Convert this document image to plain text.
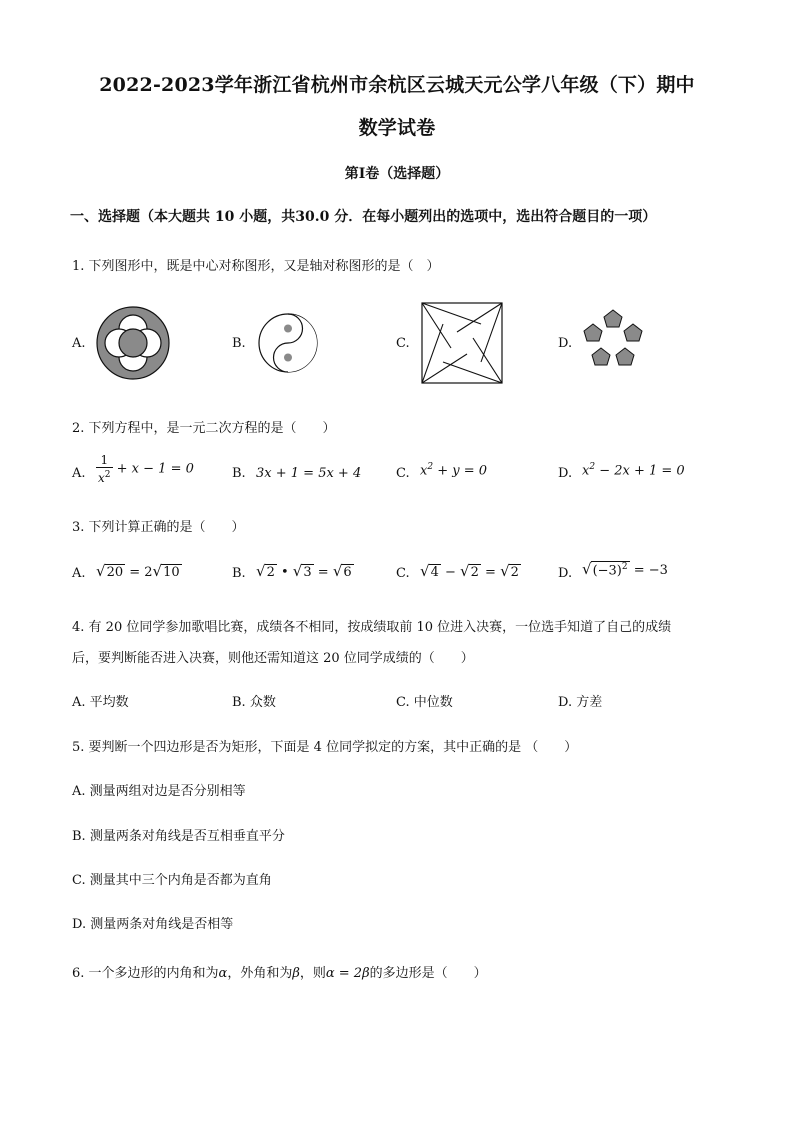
2022-2023学年浙江省杭州市余杭区云城天元公学八年级（下）期中
数学试卷
第I卷（选择题）
一、选择题（本大题共 10 小题，共30.0 分．在每小题列出的选项中，选出符合题目的一项）
1. 下列图形中，既是中心对称图形，又是轴对称图形的是（　）
A.	B.	C.	D.
2. 下列方程中，是一元二次方程的是（　　）
A. $\frac{1}{x^2} + x - 1 = 0$	B. 3x + 1 = 5x + 4	C. $x^2 + y = 0$	D. $x^2 - 2x + 1 = 0$
3. 下列计算正确的是（　　）
A. √20 = 2√10	B. √2 • √3 = √6	C. √4 − √2 = √2	D. $√(-3)^2 = -3$
4. 有 20 位同学参加歌唱比赛，成绩各不相同，按成绩取前 10 位进入决赛，一位选手知道了自己的成绩
后，要判断能否进入决赛，则他还需知道这 20 位同学成绩的（　　）
A. 平均数	B. 众数	C. 中位数	D. 方差
5. 要判断一个四边形是否为矩形，下面是 4 位同学拟定的方案，其中正确的是 （　　）
A. 测量两组对边是否分别相等
B. 测量两条对角线是否互相垂直平分
C. 测量其中三个内角是否都为直角
D. 测量两条对角线是否相等
6. 一个多边形的内角和为α，外角和为β，则α = 2β的多边形是（　　）
